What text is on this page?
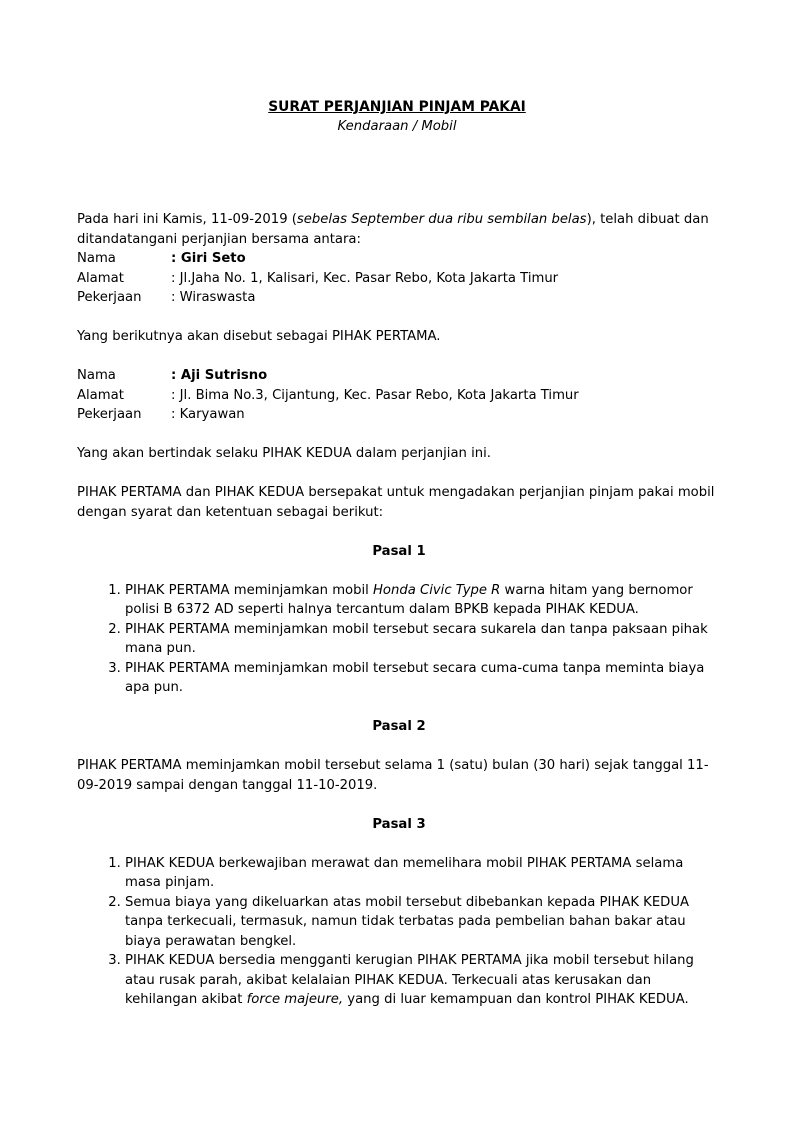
SURAT PERJANJIAN PINJAM PAKAI
Kendaraan / Mobil

Pada hari ini Kamis, 11-09-2019 (sebelas September dua ribu sembilan belas), telah dibuat dan ditandatangani perjanjian bersama antara:

Nama	: Giri Seto
Alamat	: Jl.Jaha No. 1, Kalisari, Kec. Pasar Rebo, Kota Jakarta Timur
Pekerjaan	: Wiraswasta

Yang berikutnya akan disebut sebagai PIHAK PERTAMA.

Nama	: Aji Sutrisno
Alamat	: Jl. Bima No.3, Cijantung, Kec. Pasar Rebo, Kota Jakarta Timur
Pekerjaan	: Karyawan

Yang akan bertindak selaku PIHAK KEDUA dalam perjanjian ini.

PIHAK PERTAMA dan PIHAK KEDUA bersepakat untuk mengadakan perjanjian pinjam pakai mobil dengan syarat dan ketentuan sebagai berikut:

Pasal 1
1. PIHAK PERTAMA meminjamkan mobil Honda Civic Type R warna hitam yang bernomor polisi B 6372 AD seperti halnya tercantum dalam BPKB kepada PIHAK KEDUA.
2. PIHAK PERTAMA meminjamkan mobil tersebut secara sukarela dan tanpa paksaan pihak mana pun.
3. PIHAK PERTAMA meminjamkan mobil tersebut secara cuma-cuma tanpa meminta biaya apa pun.
Pasal 2

PIHAK PERTAMA meminjamkan mobil tersebut selama 1 (satu) bulan (30 hari) sejak tanggal 11-09-2019 sampai dengan tanggal 11-10-2019.

Pasal 3
1. PIHAK KEDUA berkewajiban merawat dan memelihara mobil PIHAK PERTAMA selama masa pinjam.
2. Semua biaya yang dikeluarkan atas mobil tersebut dibebankan kepada PIHAK KEDUA tanpa terkecuali, termasuk, namun tidak terbatas pada pembelian bahan bakar atau biaya perawatan bengkel.
3. PIHAK KEDUA bersedia mengganti kerugian PIHAK PERTAMA jika mobil tersebut hilang atau rusak parah, akibat kelalaian PIHAK KEDUA. Terkecuali atas kerusakan dan kehilangan akibat force majeure, yang di luar kemampuan dan kontrol PIHAK KEDUA.
